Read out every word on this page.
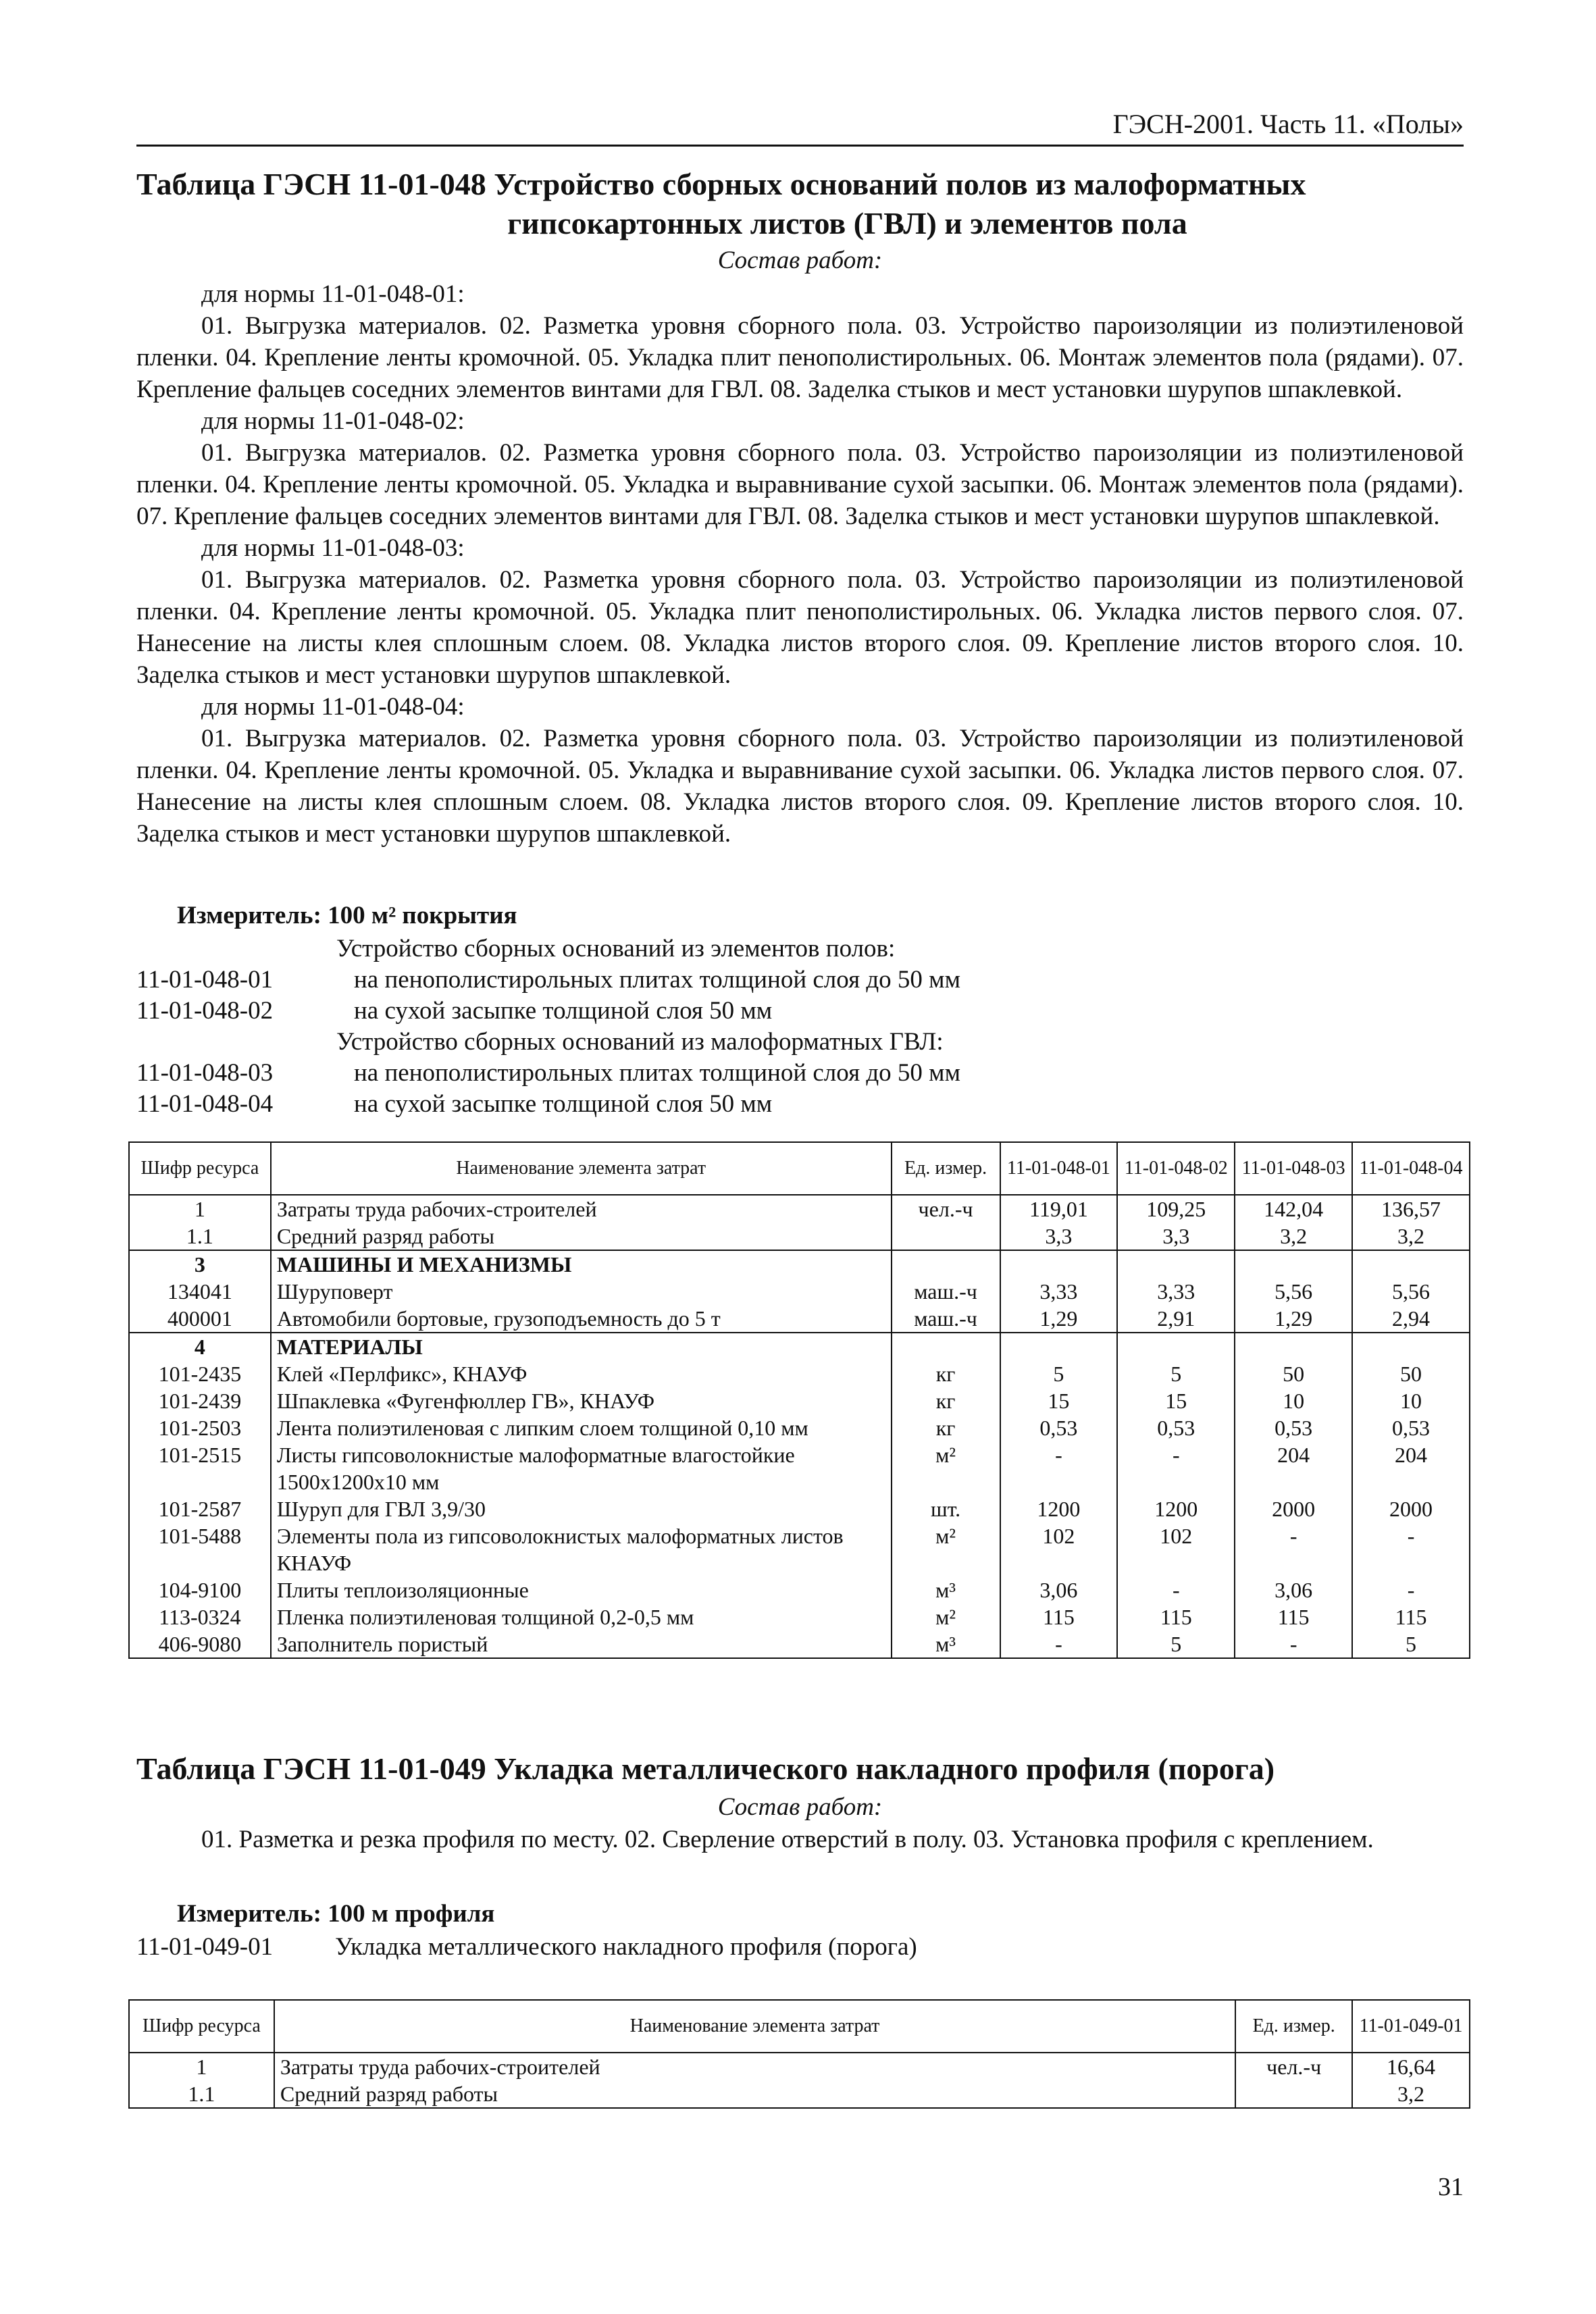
ГЭСН-2001. Часть 11. «Полы»
Таблица ГЭСН 11-01-048 Устройство сборных оснований полов из малоформатных
гипсокартонных листов (ГВЛ) и элементов пола
Состав работ:

для нормы 11-01-048-01:

01. Выгрузка материалов. 02. Разметка уровня сборного пола. 03. Устройство пароизоляции из полиэтиленовой пленки. 04. Крепление ленты кромочной. 05. Укладка плит пенополистирольных. 06. Монтаж элементов пола (рядами). 07. Крепление фальцев соседних элементов винтами для ГВЛ. 08. Заделка стыков и мест установки шурупов шпаклевкой.

для нормы 11-01-048-02:

01. Выгрузка материалов. 02. Разметка уровня сборного пола. 03. Устройство пароизоляции из полиэтиленовой пленки. 04. Крепление ленты кромочной. 05. Укладка и выравнивание сухой засыпки. 06. Монтаж элементов пола (рядами). 07. Крепление фальцев соседних элементов винтами для ГВЛ. 08. Заделка стыков и мест установки шурупов шпаклевкой.

для нормы 11-01-048-03:

01. Выгрузка материалов. 02. Разметка уровня сборного пола. 03. Устройство пароизоляции из полиэтиленовой пленки. 04. Крепление ленты кромочной. 05. Укладка плит пенополистирольных. 06. Укладка листов первого слоя. 07. Нанесение на листы клея сплошным слоем. 08. Укладка листов второго слоя. 09. Крепление листов второго слоя. 10. Заделка стыков и мест установки шурупов шпаклевкой.

для нормы 11-01-048-04:

01. Выгрузка материалов. 02. Разметка уровня сборного пола. 03. Устройство пароизоляции из полиэтиленовой пленки. 04. Крепление ленты кромочной. 05. Укладка и выравнивание сухой засыпки. 06. Укладка листов первого слоя. 07. Нанесение на листы клея сплошным слоем. 08. Укладка листов второго слоя. 09. Крепление листов второго слоя. 10. Заделка стыков и мест установки шурупов шпаклевкой.

Измеритель: 100 м² покрытия
Устройство сборных оснований из элементов полов:
11-01-048-01	на пенополистирольных плитах толщиной слоя до 50 мм
11-01-048-02	на сухой засыпке толщиной слоя 50 мм
Устройство сборных оснований из малоформатных ГВЛ:
11-01-048-03	на пенополистирольных плитах толщиной слоя до 50 мм
11-01-048-04	на сухой засыпке толщиной слоя 50 мм
Шифр ресурса	Наименование элемента затрат	Ед. измер.	11-01-048-01	11-01-048-02	11-01-048-03	11-01-048-04
1	Затраты труда рабочих-строителей	чел.-ч	119,01	109,25	142,04	136,57
1.1	Средний разряд работы		3,3	3,3	3,2	3,2
3	МАШИНЫ И МЕХАНИЗМЫ					
134041	Шуруповерт	маш.-ч	3,33	3,33	5,56	5,56
400001	Автомобили бортовые, грузоподъемность до 5 т	маш.-ч	1,29	2,91	1,29	2,94
4	МАТЕРИАЛЫ					
101-2435	Клей «Перлфикс», КНАУФ	кг	5	5	50	50
101-2439	Шпаклевка «Фугенфюллер ГВ», КНАУФ	кг	15	15	10	10
101-2503	Лента полиэтиленовая с липким слоем толщиной 0,10 мм	кг	0,53	0,53	0,53	0,53
101-2515	Листы гипсоволокнистые малоформатные влагостойкие 1500x1200x10 мм	м²	-	-	204	204
101-2587	Шуруп для ГВЛ 3,9/30	шт.	1200	1200	2000	2000
101-5488	Элементы пола из гипсоволокнистых малоформатных листов КНАУФ	м²	102	102	-	-
104-9100	Плиты теплоизоляционные	м³	3,06	-	3,06	-
113-0324	Пленка полиэтиленовая толщиной 0,2-0,5 мм	м²	115	115	115	115
406-9080	Заполнитель пористый	м³	-	5	-	5
Таблица ГЭСН 11-01-049 Укладка металлического накладного профиля (порога)
Состав работ:

01. Разметка и резка профиля по месту. 02. Сверление отверстий в полу. 03. Установка профиля с креплением.

Измеритель: 100 м профиля
11-01-049-01	Укладка металлического накладного профиля (порога)
Шифр ресурса	Наименование элемента затрат	Ед. измер.	11-01-049-01
1	Затраты труда рабочих-строителей	чел.-ч	16,64
1.1	Средний разряд работы		3,2
31
